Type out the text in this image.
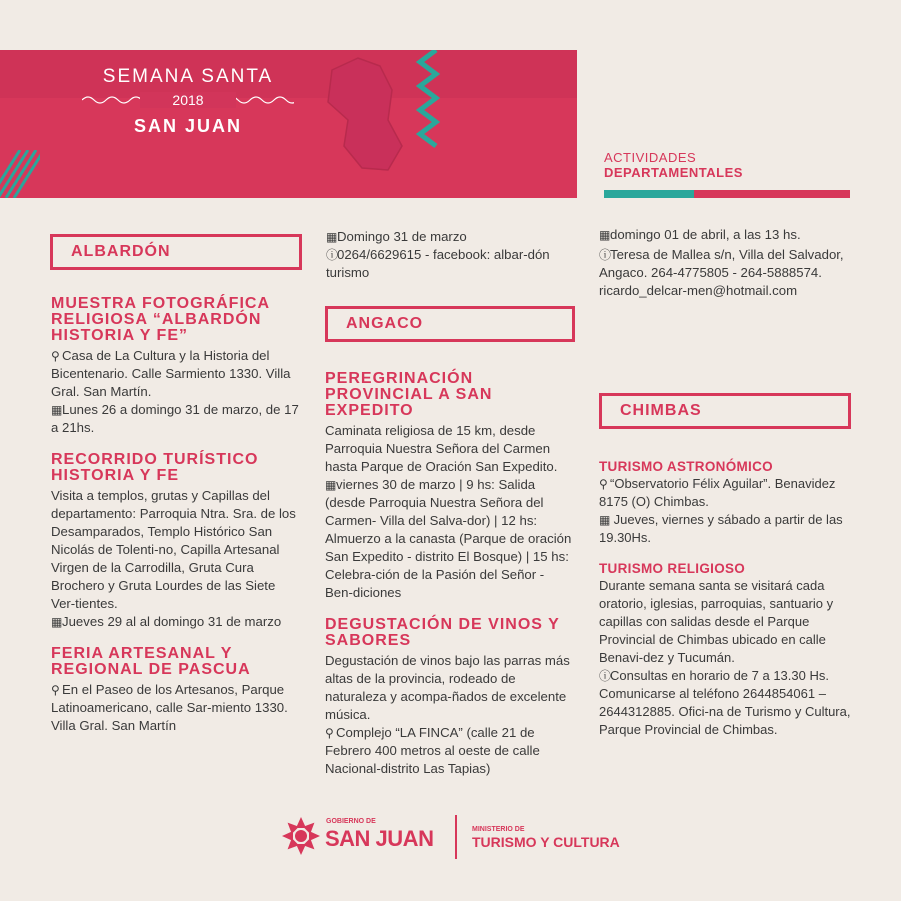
SEMANA SANTA
2018
SAN JUAN
ACTIVIDADES
DEPARTAMENTALES
ALBARDÓN
MUESTRA FOTOGRÁFICA RELIGIOSA “ALBARDÓN HISTORIA Y FE”

⚲ Casa de La Cultura y la Historia del Bicentenario. Calle Sarmiento 1330. Villa Gral. San Martín.

▦Lunes 26 a domingo 31 de marzo, de 17 a 21hs.

RECORRIDO TURÍSTICO HISTORIA Y FE

Visita a templos, grutas y Capillas del departamento: Parroquia Ntra. Sra. de los Desamparados, Templo Histórico San Nicolás de Tolenti-no, Capilla Artesanal Virgen de la Carrodilla, Gruta Cura Brochero y Gruta Lourdes de las Siete Ver-tientes.

▦Jueves 29 al al domingo 31 de marzo

FERIA ARTESANAL Y REGIONAL DE PASCUA

⚲ En el Paseo de los Artesanos, Parque Latinoamericano, calle Sar-miento 1330. Villa Gral. San Martín

▦Domingo 31 de marzo

ⓘ0264/6629615 - facebook: albar-dón turismo

ANGACO
PEREGRINACIÓN PROVINCIAL A SAN EXPEDITO

Caminata religiosa de 15 km, desde Parroquia Nuestra Señora del Carmen hasta Parque de Oración San Expedito.

▦viernes 30 de marzo | 9 hs: Salida (desde Parroquia Nuestra Señora del Carmen- Villa del Salva-dor) | 12 hs: Almuerzo a la canasta (Parque de oración San Expedito - distrito El Bosque) | 15 hs: Celebra-ción de la Pasión del Señor - Ben-diciones

DEGUSTACIÓN DE VINOS Y SABORES

Degustación de vinos bajo las parras más altas de la provincia, rodeado de naturaleza y acompa-ñados de excelente música.

⚲ Complejo “LA FINCA” (calle 21 de Febrero 400 metros al oeste de calle Nacional-distrito Las Tapias)

▦domingo 01 de abril, a las 13 hs.

ⓘTeresa de Mallea s/n, Villa del Salvador, Angaco. 264-4775805 - 264-5888574. ricardo_delcar-men@hotmail.com

CHIMBAS
TURISMO ASTRONÓMICO

⚲ “Observatorio Félix Aguilar”. Benavidez 8175 (O) Chimbas.

▦ Jueves, viernes y sábado a partir de las 19.30Hs.

TURISMO RELIGIOSO

Durante semana santa se visitará cada oratorio, iglesias, parroquias, santuario y capillas con salidas desde el Parque Provincial de Chimbas ubicado en calle Benavi-dez y Tucumán.

ⓘConsultas en horario de 7 a 13.30 Hs. Comunicarse al teléfono 2644854061 – 2644312885. Ofici-na de Turismo y Cultura, Parque Provincial de Chimbas.

GOBIERNO DE
SAN JUAN	MINISTERIO DE
TURISMO Y CULTURA
